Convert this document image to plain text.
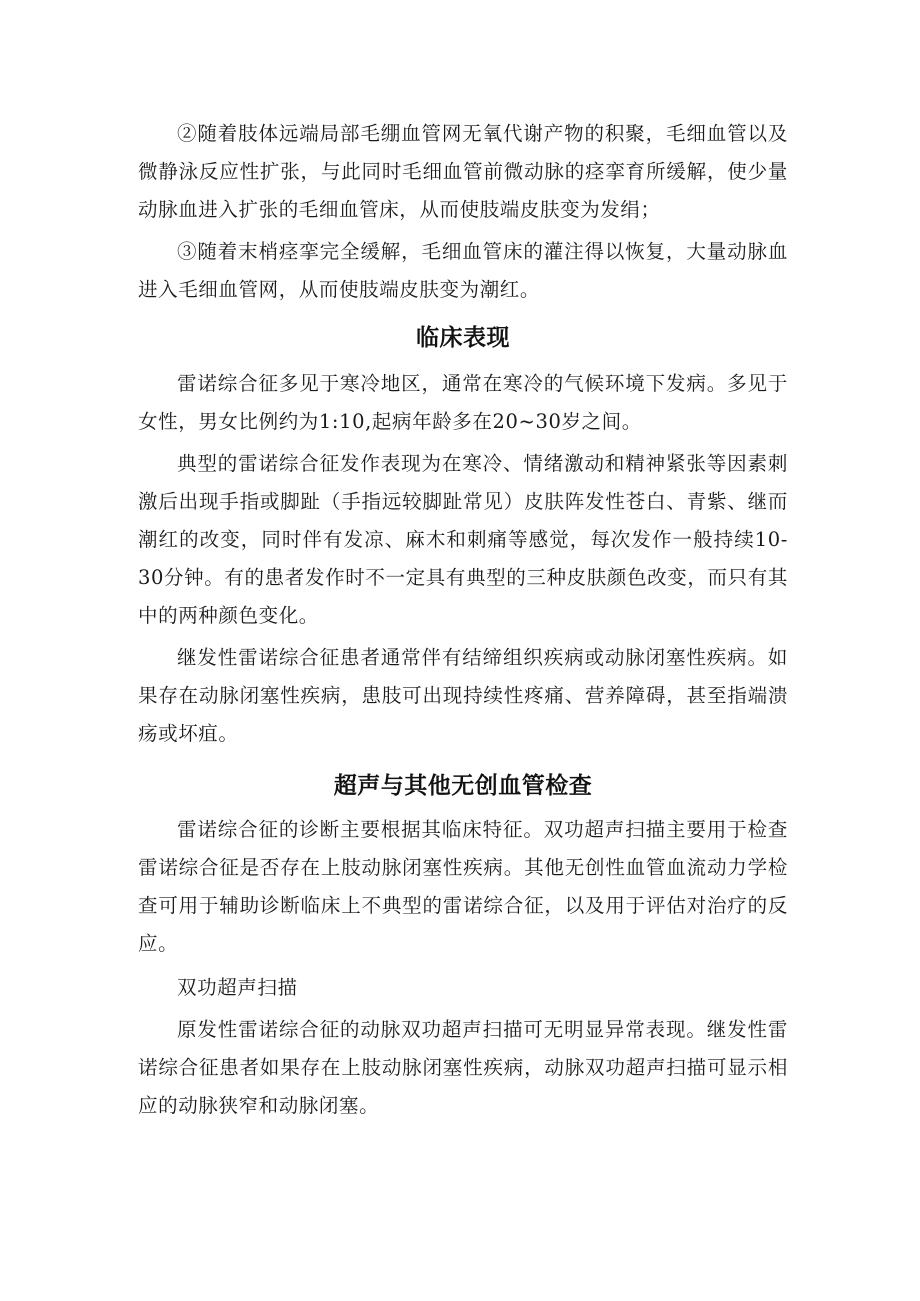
②随着肢体远端局部毛绷血管网无氧代谢产物的积聚，毛细血管以及微静泳反应性扩张，与此同时毛细血管前微动脉的痉挛育所缓解，使少量动脉血进入扩张的毛细血管床，从而使肢端皮肤变为发绢；

③随着末梢痉挛完全缓解，毛细血管床的灌注得以恢复，大量动脉血进入毛细血管网，从而使肢端皮肤变为潮红。

临床表现

雷诺综合征多见于寒冷地区，通常在寒冷的气候环境下发病。多见于女性，男女比例约为1:10,起病年龄多在20~30岁之间。

典型的雷诺综合征发作表现为在寒冷、情绪激动和精神紧张等因素刺激后出现手指或脚趾（手指远较脚趾常见）皮肤阵发性苍白、青紫、继而潮红的改变，同时伴有发凉、麻木和刺痛等感觉，每次发作一般持续10-30分钟。有的患者发作时不一定具有典型的三种皮肤颜色改变，而只有其中的两种颜色变化。

继发性雷诺综合征患者通常伴有结缔组织疾病或动脉闭塞性疾病。如果存在动脉闭塞性疾病，患肢可出现持续性疼痛、营养障碍，甚至指端溃疡或坏疽。

超声与其他无创血管检查

雷诺综合征的诊断主要根据其临床特征。双功超声扫描主要用于检查雷诺综合征是否存在上肢动脉闭塞性疾病。其他无创性血管血流动力学检查可用于辅助诊断临床上不典型的雷诺综合征，以及用于评估对治疗的反应。

双功超声扫描

原发性雷诺综合征的动脉双功超声扫描可无明显异常表现。继发性雷诺综合征患者如果存在上肢动脉闭塞性疾病，动脉双功超声扫描可显示相应的动脉狭窄和动脉闭塞。
